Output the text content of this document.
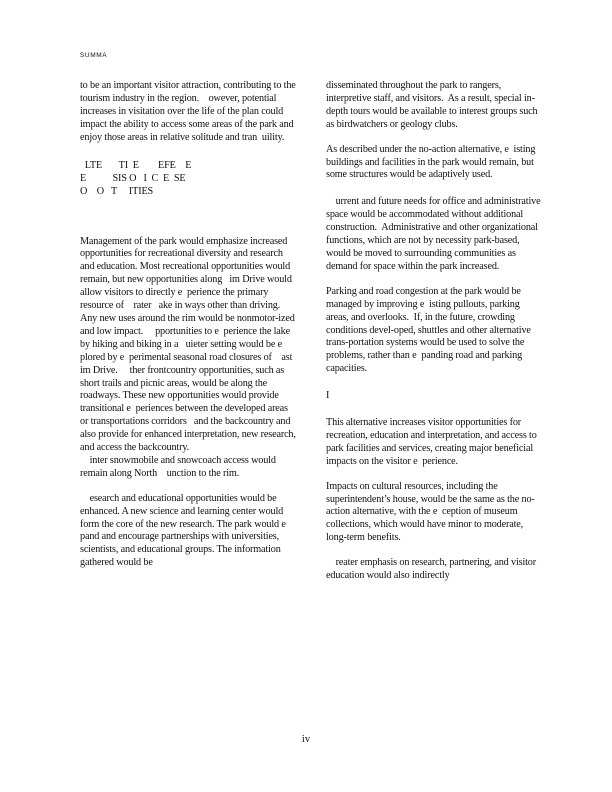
SUMMA

to be an important visitor attraction, contributing to the tourism industry in the region.    owever, potential increases in visitation over the life of the plan could impact the ability to access some areas of the park and enjoy those areas in relative solitude and tran  uility.

LTE       TI  E        EFE    E
E           SIS O   I  C  E  SE
O    O   T     ITIES

Management of the park would emphasize increased opportunities for recreational diversity and research and education. Most recreational opportunities would remain, but new opportunities along   im Drive would allow visitors to directly e  perience the primary resource of    rater   ake in ways other than driving. Any new uses around the rim would be nonmotor-ized and low impact.     pportunities to e  perience the lake by hiking and biking in a   uieter setting would be e  plored by e  perimental seasonal road closures of    ast   im Drive.     ther frontcountry opportunities, such as short trails and picnic areas, would be along the roadways. These new opportunities would provide transitional e  periences between the developed areas   or transportations corridors   and the backcountry and also provide for enhanced interpretation, new research, and access the backcountry.

inter snowmobile and snowcoach access would remain along North    unction to the rim.

esearch and educational opportunities would be enhanced. A new science and learning center would form the core of the new research. The park would e  pand and encourage partnerships with universities, scientists, and educational groups. The information gathered would be

disseminated throughout the park to rangers, interpretive staff, and visitors.  As a result, special in-depth tours would be available to interest groups such as birdwatchers or geology clubs.

As described under the no-action alternative, e  isting buildings and facilities in the park would remain, but some structures would be adaptively used.

urrent and future needs for office and administrative space would be accommodated without additional construction.  Administrative and other organizational functions, which are not by necessity park-based, would be moved to surrounding communities as demand for space within the park increased.

Parking and road congestion at the park would be managed by improving e  isting pullouts, parking areas, and overlooks.  If, in the future, crowding conditions devel-oped, shuttles and other alternative trans-portation systems would be used to solve the problems, rather than e  panding road and parking capacities.

I

This alternative increases visitor opportunities for recreation, education and interpretation, and access to park facilities and services, creating major beneficial impacts on the visitor e  perience.

Impacts on cultural resources, including the superintendent’s house, would be the same as the no-action alternative, with the e  ception of museum collections, which would have minor to moderate, long-term benefits.

reater emphasis on research, partnering, and visitor education would also indirectly

iv
